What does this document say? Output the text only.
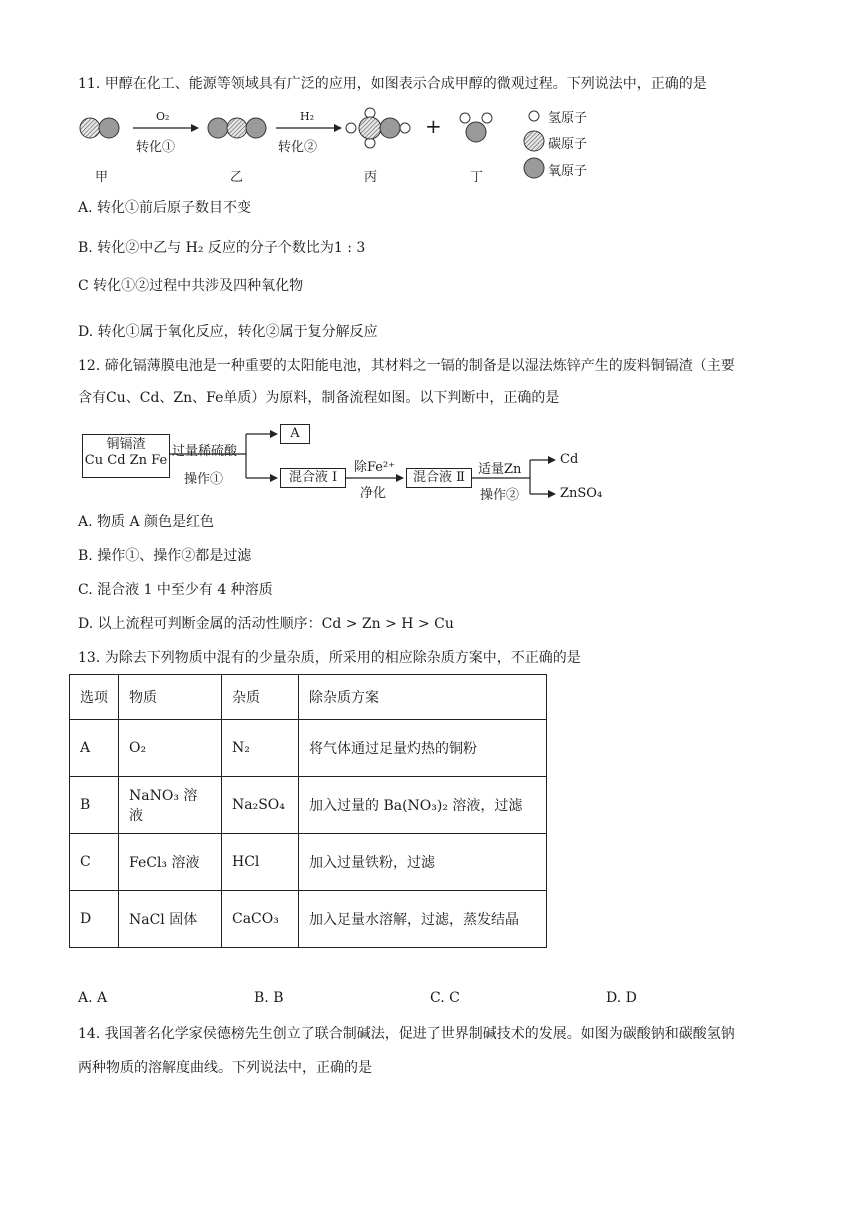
11. 甲醇在化工、能源等领域具有广泛的应用，如图表示合成甲醇的微观过程。下列说法中，正确的是
O₂
转化①
H₂
转化②
+
甲	乙	丙	丁
氢原子
碳原子
氧原子
A. 转化①前后原子数目不变
B. 转化②中乙与 H₂ 反应的分子个数比为1 : 3
C 转化①②过程中共涉及四种氧化物
D. 转化①属于氧化反应，转化②属于复分解反应
12. 碲化镉薄膜电池是一种重要的太阳能电池，其材料之一镉的制备是以湿法炼锌产生的废料铜镉渣（主要
含有Cu、Cd、Zn、Fe单质）为原料，制备流程如图。以下判断中，正确的是
铜镉渣
Cu Cd Zn Fe
过量稀硫酸
操作①
A
混合液 Ⅰ
除Fe²⁺
净化
混合液 Ⅱ
适量Zn
操作②
Cd
ZnSO₄
A. 物质 A 颜色是红色
B. 操作①、操作②都是过滤
C. 混合液 1 中至少有 4 种溶质
D. 以上流程可判断金属的活动性顺序：Cd > Zn > H > Cu
13. 为除去下列物质中混有的少量杂质，所采用的相应除杂质方案中，不正确的是
选项	物质	杂质	除杂质方案
A	O₂	N₂	将气体通过足量灼热的铜粉
B	NaNO₃ 溶液	Na₂SO₄	加入过量的 Ba(NO₃)₂ 溶液，过滤
C	FeCl₃ 溶液	HCl	加入过量铁粉，过滤
D	NaCl 固体	CaCO₃	加入足量水溶解，过滤，蒸发结晶
A. A	B. B	C. C	D. D
14. 我国著名化学家侯德榜先生创立了联合制碱法，促进了世界制碱技术的发展。如图为碳酸钠和碳酸氢钠
两种物质的溶解度曲线。下列说法中，正确的是
